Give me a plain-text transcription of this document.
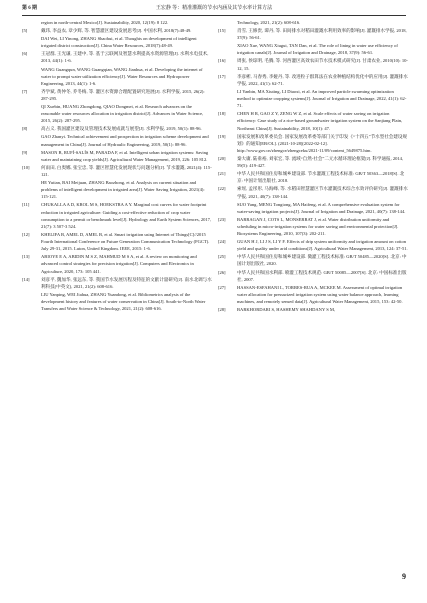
第 6 期	王宏静 等：精准灌溉的节水内涵及其节水率计算方法
region in north-central Mexico[J]. Sustainability, 2020, 12(19): 8 122.
[5]	戴玮, 李益农, 章少辉, 等. 智慧灌区建设发展思考[J]. 中国水利, 2018(7):48-49.
DAI Wei, LI Yinong, ZHANG Shaohui, et al. Thoughts on development of intelligent irrigated district construction[J]. China Water Resources, 2018(7):48-49.
[6]	王冠群, 王光谦, 王建中, 等. 基于云联网及智慧水利提高水资源管理[J]. 水利水电技术, 2013, 44(1): 1-6.
WANG Guangqun, WANG Guangqian, WANG Jianhua, et al. Developing the internet of water to prompt water utilization efficiency[J]. Water Resources and Hydropower Engineering, 2013, 44(1): 1-6.
[7]	齐学斌, 黄仲冬, 乔冬梅, 等. 灌区水资源合理配置研究进展[J]. 水利学报, 2015, 26(2): 287-295.
QI Xuebin, HUANG Zhongdong, QIAO Dongmei, et al. Research advances on the reasonable water resources allocation in irrigation district[J]. Advances in Water Science, 2015, 26(2): 287-295.
[8]	高占义. 我国灌区建设及管理技术发展成就与展望[J]. 水利学报, 2019, 50(1): 88-96.
GAO Zhanyi. Technical achievement and prospection in irrigation scheme development and management in China[J]. Journal of Hydraulic Engineering, 2019, 50(1): 88-96.
[9]	MASON B, RUFÍ-SALÍS M, PARADA F, et al. Intelligent urban irrigation systems: Saving water and maintaining crop yields[J]. Agricultural Water Management, 2019, 226: 105 812.
[10]	何雨田, 白奥娜, 张宝忠, 等. 灌区智慧化发展现状与问题分析[J]. 节水灌溉, 2021(4): 115-121.
HE Yutian, BAI Meijuan, ZHANG Baozhong, et al. Analysis on current situation and problems of intelligent development in irrigated area[J]. Water Saving Irrigation, 2021(4): 115-121.
[11]	CHUKALLA A D, KROL M S, HOEKSTRA A Y. Marginal cost curves for water footprint reduction in irrigated agriculture: Guiding a cost-effective reduction of crop water consumption to a permit or benchmark level[J]. Hydrology and Earth System Sciences, 2017, 21(7): 3 507-3 524.
[12]	KHELIFA B, AMEL D, AMEL B, et al. Smart irrigation using Internet of Things[C]//2015 Fourth International Conference on Future Generation Communication Technology (FGCT). July 29-31, 2015. Luton, United Kingdom. IEEE, 2015: 1-6.
[13]	ABIOYE E A, ABIDIN M S Z, MAHMUD M S A, et al. A review on monitoring and advanced control strategies for precision irrigation[J]. Computers and Electronics in Agriculture, 2020, 173: 105 441.
[14]	刘彦平, 魏加华, 张远东, 等. 我国节水发展历程及特征的文献计量研究[J]. 南水北调与水利科技(中英文), 2021, 21(2): 608-616.
LIU Yanping, WEI Jiahua, ZHANG Yuandong, et al. Bibliometrics analysis of the development history and features of water conservation in China[J]. South-to-North Water Transfers and Water Science & Technology, 2021, 21(2): 608-616.
Technology, 2021, 21(2): 608-616.
[15]	肖雪, 王修贵, 谭丹, 等. 田间排水对稻田灌溉水利用效率的影响[J]. 灌溉排水学报, 2018, 37(9): 56-61.
XIAO Xue, WANG Xiugui, TAN Dan, et al. The role of lining in water use efficiency of irrigation canals[J]. Journal of Irrigation and Drainage, 2018, 37(9): 56-61.
[16]	周张, 侯琼明, 毛腾, 等. 河西灌区高效农田节水技术模式研究[J]. 甘肃农业, 2010(10): 10-12, 15.
[17]	李彦彬, 马春秀, 李娅丹, 等. 改进粒子群算法在农业种植结构优化中的应用[J]. 灌溉排水学报, 2022, 41(1): 62-71.
LI Yanbin, MA Xiuting, LI Diaoxi, et al. An improved particle swarming optimization method to optimize cropping systems[J]. Journal of Irrigation and Drainage, 2022, 41(1): 62-71.
[18]	CHEN H R, GAO Z Y, ZENG W Z, et al. Scale effects of water saving on irrigation efficiency: Case study of a rice-based groundwater irrigation system on the Sanjiang Plain, Northeast China[J]. Sustainability, 2018, 10(1): 47.
[19]	国家发展和改革委员会. 国家发展改革委等部门关于印发《“十四五”节水型社会建设规划》的通知[EB/OL]. (2021-10-28)[2022-02-12]. http://www.gov.cn/zhengce/zhengceku/2021-11/09/content_5649875.htm.
[20]	秦大庸, 陆垂裕, 刘家宏, 等. 流域“自然-社会”二元水循环理论框架[J]. 科学通报, 2014, 59(5): 419-427.
[21]	中华人民共和国住房和城乡建设部. 节水灌溉工程技术标准: GB/T 50363—2018[S]. 北京: 中国计划出版社, 2018.
[22]	索瑶, 孟彤彤, 马海峰, 等. 水稻田智慧灌区节水灌溉技术综合水效评价研究[J]. 灌溉排水学报, 2021, 40(7): 138-144.
SUO Yang, MENG Tongtong, MA Haifeng, et al. A comprehensive evaluation system for water-saving irrigation projects[J]. Journal of Irrigation and Drainage, 2021, 40(7): 138-144.
[23]	BARRAGAN J, COTS L, MONSERRAT J, et al. Water distribution uniformity and scheduling in micro-irrigation systems for water saving and environmental protection[J]. Biosystems Engineering, 2010, 107(3): 202-211.
[24]	GUAN H J, LI J S, LI Y F. Effects of drip system uniformity and irrigation amount on cotton yield and quality under arid conditions[J]. Agricultural Water Management, 2013, 124: 37-51.
[25]	中华人民共和国住房和城乡建设部. 微灌工程技术标准: GB/T 50485—2020[S]. 北京: 中国计划出版社, 2020.
[26]	中华人民共和国水利部. 喷灌工程技术规范: GB/T 50085—2007[S]. 北京: 中国标准出版社, 2007.
[27]	HASSAN-ESFAHANI L, TORRES-RUA A, MCKEE M. Assessment of optimal irrigation water allocation for pressurized irrigation system using water balance approach, learning machines, and remotely sensed data[J]. Agricultural Water Management, 2015, 153: 42-50.
[28]	BARKHORDARI S, HASHEMY SHAHDANY S M,
9
